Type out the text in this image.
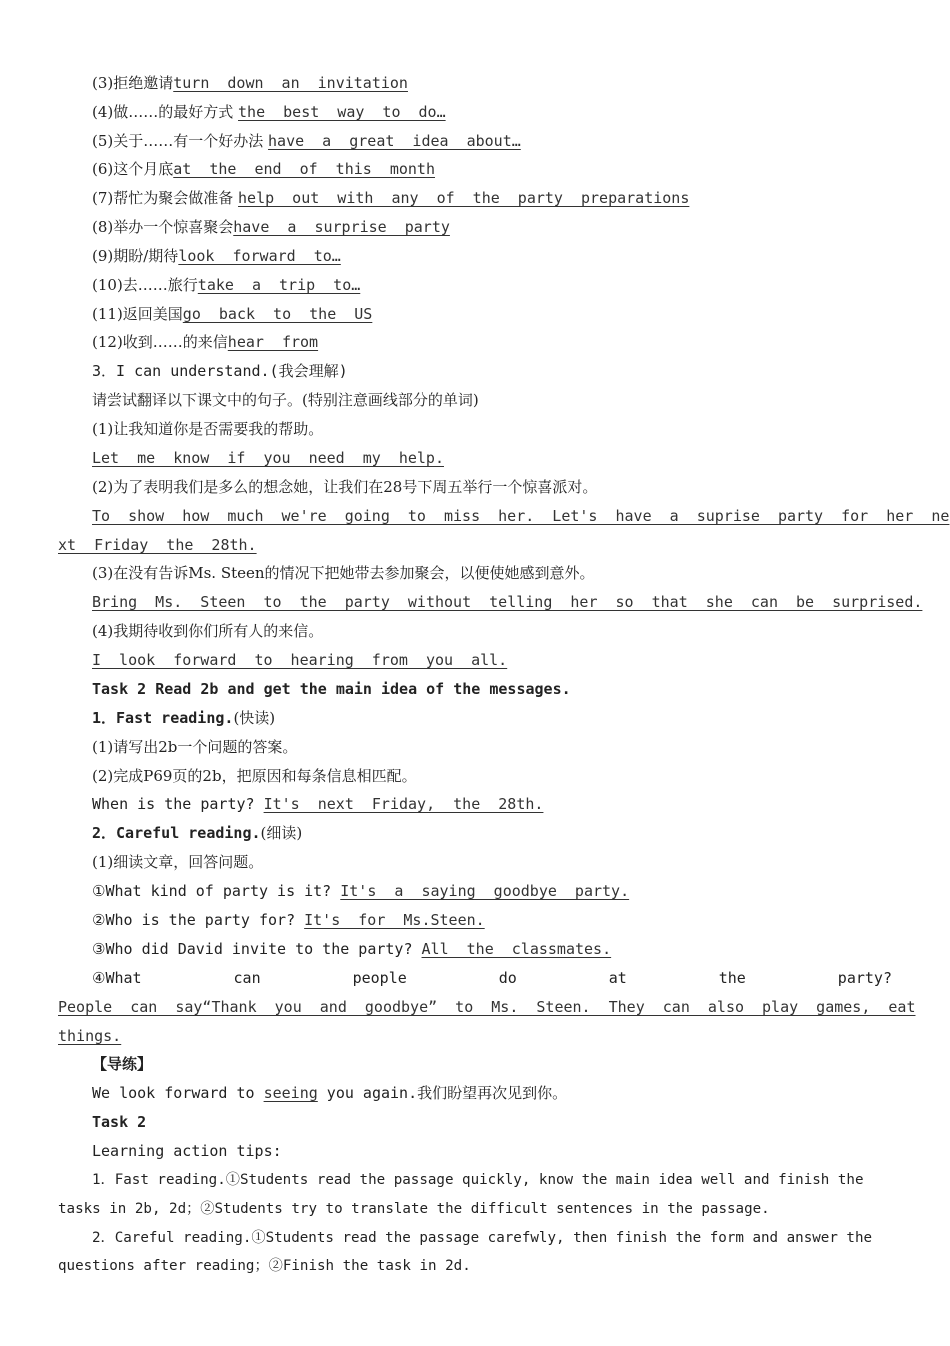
(3)拒绝邀请turn down an invitation
(4)做……的最好方式 the best way to do…
(5)关于……有一个好办法 have a great idea about…
(6)这个月底at the end of this month
(7)帮忙为聚会做准备 help out with any of the party preparations
(8)举办一个惊喜聚会have a surprise party
(9)期盼/期待look forward to…
(10)去……旅行take a trip to…
(11)返回美国go back to the US
(12)收到……的来信hear from
3．I can understand.(我会理解)
请尝试翻译以下课文中的句子。(特别注意画线部分的单词)
(1)让我知道你是否需要我的帮助。
Let me know if you need my help.
(2)为了表明我们是多么的想念她，让我们在28号下周五举行一个惊喜派对。
To show how much we're going to miss her. Let's have a suprise party for her ne
xt Friday the 28th.
(3)在没有告诉Ms. Steen的情况下把她带去参加聚会，以便使她感到意外。
Bring Ms. Steen to the party without telling her so that she can be surprised.
(4)我期待收到你们所有人的来信。
I look forward to hearing from you all.
Task 2 Read 2b and get the main idea of the messages.
1．Fast reading.(快读)
(1)请写出2b一个问题的答案。
(2)完成P69页的2b，把原因和每条信息相匹配。
When is the party? It's next Friday, the 28th.
2．Careful reading.(细读)
(1)细读文章，回答问题。
①What kind of party is it? It's a saying goodbye party.
②Who is the party for? It's for Ms.Steen.
③Who did David invite to the party? All the classmates.
④What	can	people	do	at	the	party?
People can say“Thank you and goodbye” to Ms. Steen. They can also play games, eat
things.
【导练】
We look forward to seeing you again.我们盼望再次见到你。
Task 2
Learning action tips:
1．Fast reading.①Students read the passage quickly, know the main idea well and finish the
tasks in 2b, 2d；②Students try to translate the difficult sentences in the passage.
2．Careful reading.①Students read the passage carefwly, then finish the form and answer the
questions after reading；②Finish the task in 2d.
